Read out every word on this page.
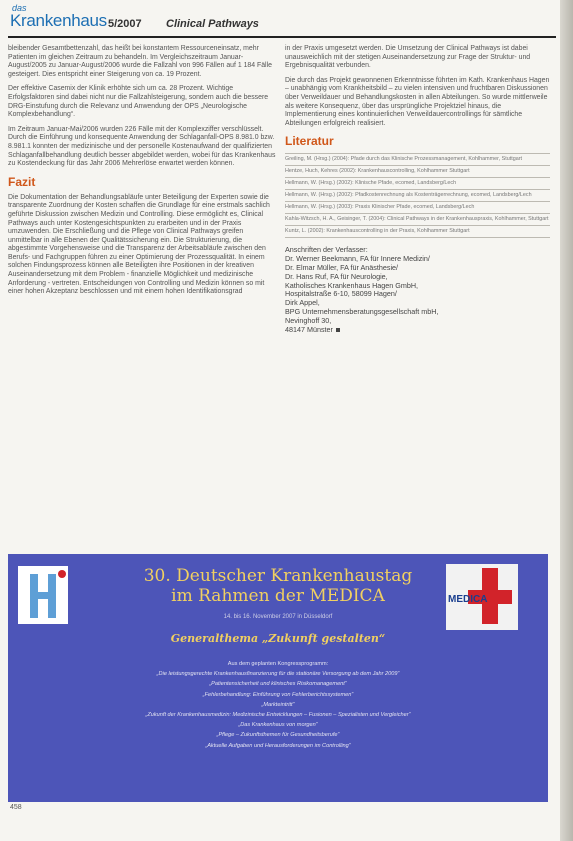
das
Krankenhaus 5/2007 Clinical Pathways

bleibender Gesamtbettenzahl, das heißt bei konstantem Ressourceneinsatz, mehr Patienten im gleichen Zeitraum zu behandeln. Im Vergleichszeitraum Januar-August/2005 zu Januar-August/2006 wurde die Fallzahl von 996 Fällen auf 1 184 Fälle gesteigert. Dies entspricht einer Steigerung von ca. 19 Prozent.

Der effektive Casemix der Klinik erhöhte sich um ca. 28 Prozent. Wichtige Erfolgsfaktoren sind dabei nicht nur die Fallzahlsteigerung, sondern auch die bessere DRG-Einstufung durch die Relevanz und Anwendung der OPS „Neurologische Komplexbehandlung“.

Im Zeitraum Januar-Mai/2006 wurden 226 Fälle mit der Komplexziffer verschlüsselt. Durch die Einführung und konsequente Anwendung der Schlaganfall-OPS 8.981.0 bzw. 8.981.1 konnten der medizinische und der personelle Kostenaufwand der qualifizierten Schlaganfallbehandlung deutlich besser abgebildet werden, wobei für das Krankenhaus zu Kostendeckung für das Jahr 2006 Mehrerlöse erwartet werden können.

Fazit

Die Dokumentation der Behandlungsabläufe unter Beteiligung der Experten sowie die transparente Zuordnung der Kosten schaffen die Grundlage für eine erstmals sachlich geführte Diskussion zwischen Medizin und Controlling. Diese ermöglicht es, Clinical Pathways auch unter Kostengesichtspunkten zu erarbeiten und in der Praxis umzuwenden. Die Erschließung und die Pflege von Clinical Pathways greifen unmittelbar in alle Ebenen der Qualitätssicherung ein. Die Strukturierung, die abgestimmte Vorgehensweise und die Transparenz der Arbeitsabläufe zwischen den Berufs- und Fachgruppen führen zu einer Optimierung der Prozessqualität. In einem solchen Findungsprozess können alle Beteiligten ihre Positionen in der kreativen Auseinandersetzung mit dem Problem - finanzielle Möglichkeit und medizinische Anforderung - vertreten. Entscheidungen von Controlling und Medizin können so mit einer hohen Akzeptanz beschlossen und mit einem hohen Identifikationsgrad

in der Praxis umgesetzt werden. Die Umsetzung der Clinical Pathways ist dabei unausweichlich mit der stetigen Auseinandersetzung zur Frage der Struktur- und Ergebnisqualität verbunden.

Die durch das Projekt gewonnenen Erkenntnisse führten im Kath. Krankenhaus Hagen – unabhängig vom Krankheitsbild – zu vielen intensiven und fruchtbaren Diskussionen über Verweildauer und Behandlungskosten in allen Abteilungen. So wurde mittlerweile als weitere Konsequenz, über das ursprüngliche Projektziel hinaus, die Implementierung eines kontinuierlichen Verweildauercontrollings für sämtliche Abteilungen erfolgreich realisiert.

Literatur
Greiling, M. (Hrsg.) (2004): Pfade durch das Klinische Prozessmanagement, Kohlhammer, Stuttgart
Hentze, Huch, Kehres (2002): Krankenhauscontrolling, Kohlhammer Stuttgart
Hellmann, W. (Hrsg.) (2002): Klinische Pfade, ecomed, Landsberg/Lech
Hellmann, W. (Hrsg.) (2002): Pfadkostenrechnung als Kostenträgerrechnung, ecomed, Landsberg/Lech
Hellmann, W. (Hrsg.) (2003): Praxis Klinischer Pfade, ecomed, Landsberg/Lech
Kahla-Witzsch, H. A., Geisinger, T. (2004): Clinical Pathways in der Krankenhauspraxis, Kohlhammer, Stuttgart
Kuntz, L. (2002): Krankenhauscontrolling in der Praxis, Kohlhammer Stuttgart
Anschriften der Verfasser:
Dr. Werner Beekmann, FA für Innere Medizin/
Dr. Elmar Müller, FA für Anästhesie/
Dr. Hans Ruf, FA für Neurologie,
Katholisches Krankenhaus Hagen GmbH,
Hospitalstraße 6-10, 58099 Hagen/
Dirk Appel,
BPG Unternehmensberatungsgesellschaft mbH,
Nevinghoff 30,
48147 Münster
MEDICA
30. Deutscher Krankenhaustag
im Rahmen der MEDICA
14. bis 16. November 2007 in Düsseldorf
Generalthema „Zukunft gestalten“
Aus dem geplanten Kongressprogramm:
„Die leistungsgerechte Krankenhausfinanzierung für die stationäre Versorgung ab dem Jahr 2009“
„Patientensicherheit und klinisches Risikomanagement“
„Fehlerbehandlung: Einführung von Fehlerberichtssystemen“
„Markteintritt“
„Zukunft der Krankenhausmedizin: Medizinische Entwicklungen – Fusionen – Spezialisten und Vergleicher“
„Das Krankenhaus von morgen“
„Pflege – Zukunftsthemen für Gesundheitsberufe“
„Aktuelle Aufgaben und Herausforderungen im Controlling“
458
